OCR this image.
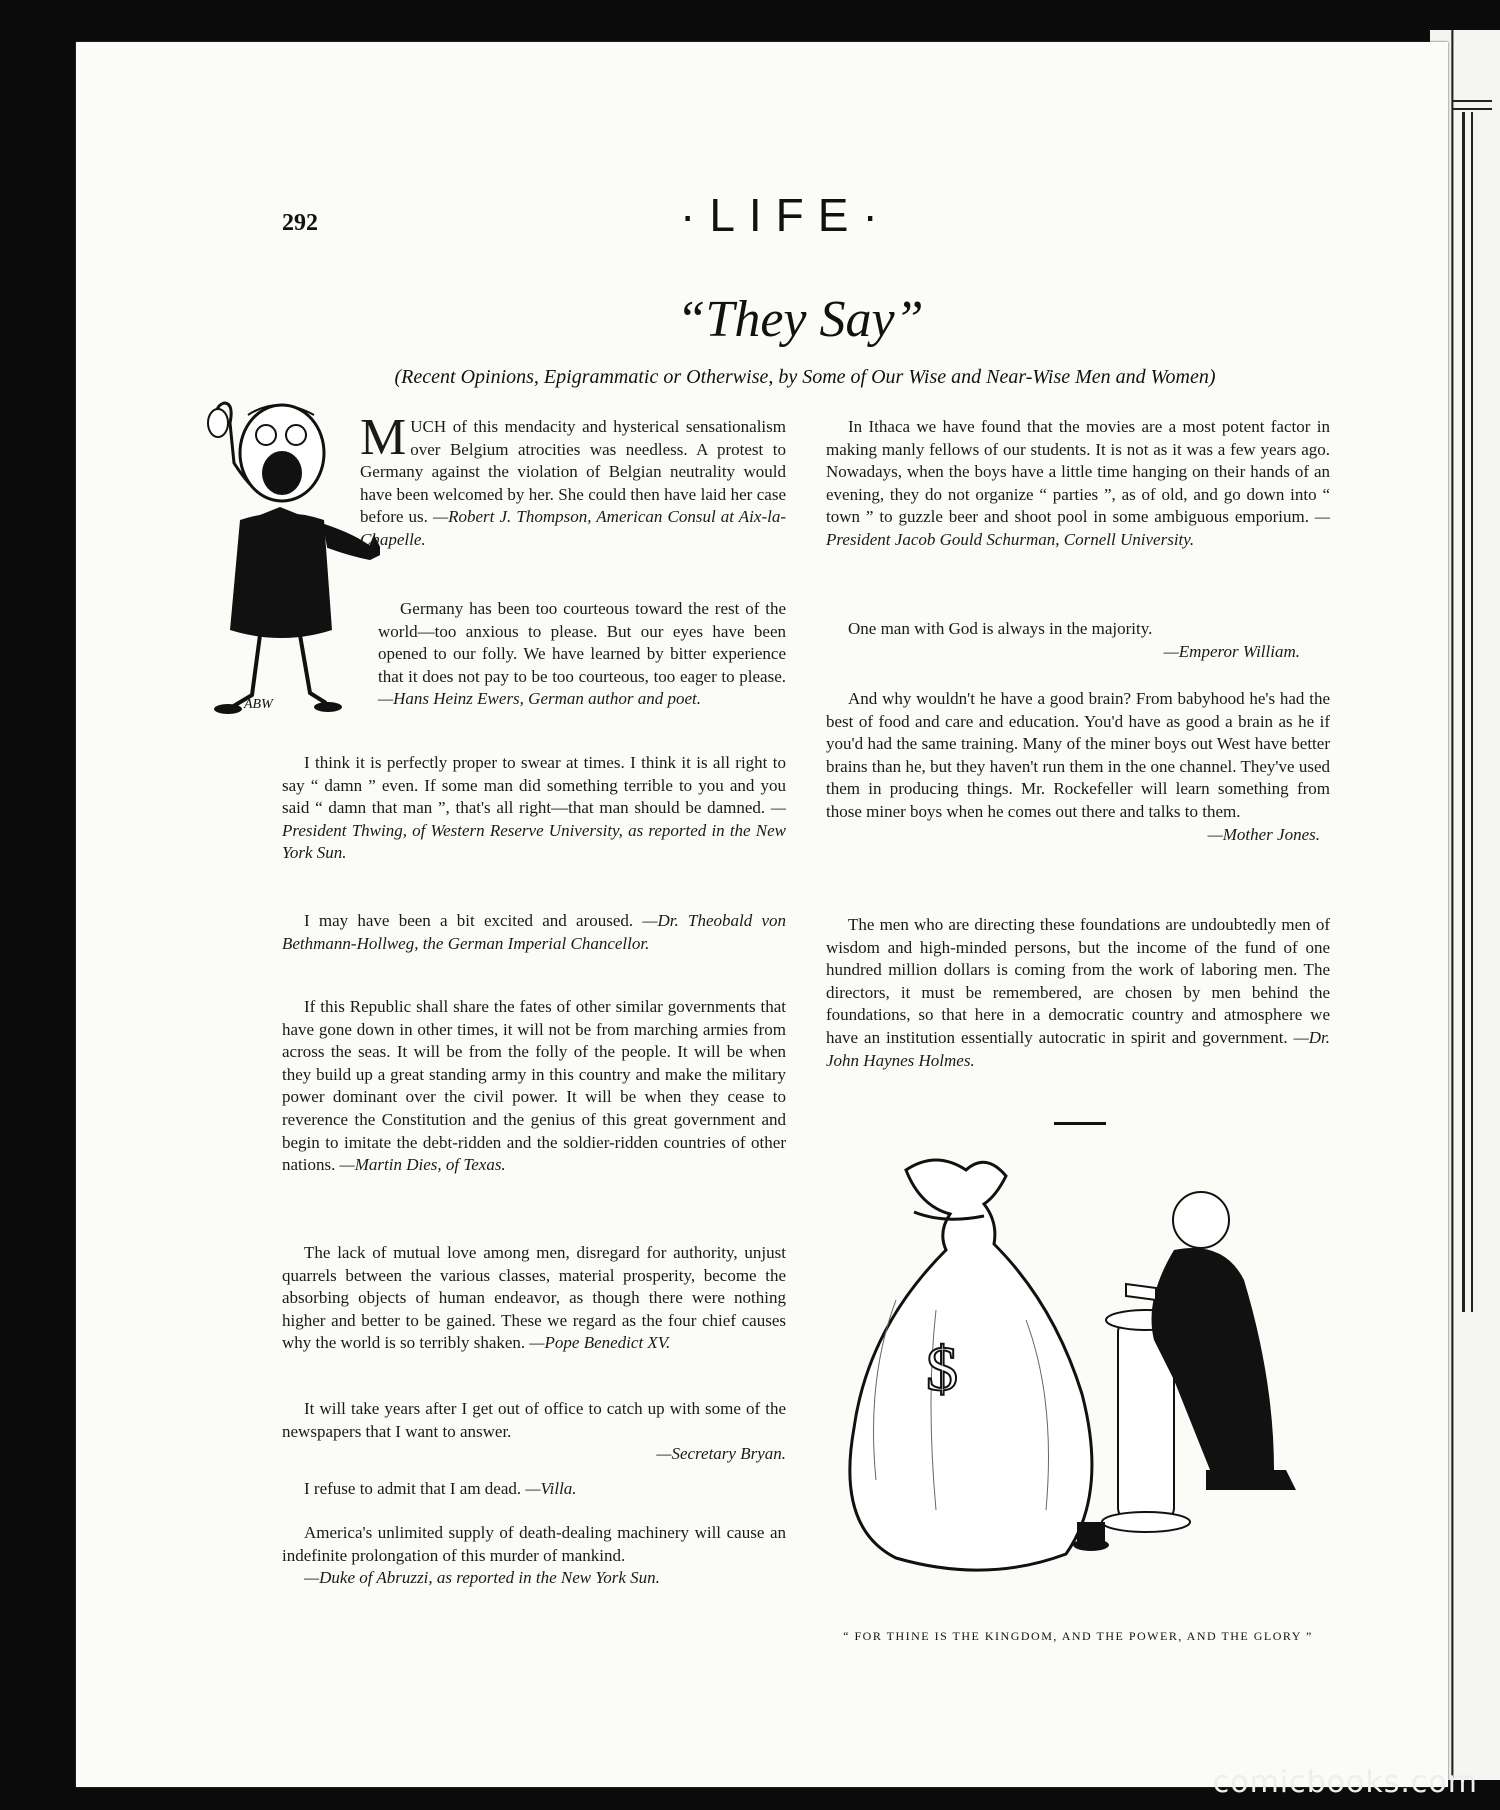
292	·LIFE·
“They Say”
(Recent Opinions, Epigrammatic or Otherwise, by Some of Our Wise and Near-Wise Men and Women)
ABW

MUCH of this mendacity and hysterical sensationalism over Belgium atrocities was needless. A protest to Germany against the violation of Belgian neutrality would have been welcomed by her. She could then have laid her case before us. —Robert J. Thompson, American Consul at Aix-la-Chapelle.

Germany has been too courteous toward the rest of the world—too anxious to please. But our eyes have been opened to our folly. We have learned by bitter experience that it does not pay to be too courteous, too eager to please. —Hans Heinz Ewers, German author and poet.

I think it is perfectly proper to swear at times. I think it is all right to say “ damn ” even. If some man did something terrible to you and you said “ damn that man ”, that's all right—that man should be damned. —President Thwing, of Western Reserve University, as reported in the New York Sun.

I may have been a bit excited and aroused. —Dr. Theobald von Bethmann-Hollweg, the German Imperial Chancellor.

If this Republic shall share the fates of other similar governments that have gone down in other times, it will not be from marching armies from across the seas. It will be from the folly of the people. It will be when they build up a great standing army in this country and make the military power dominant over the civil power. It will be when they cease to reverence the Constitution and the genius of this great government and begin to imitate the debt-ridden and the soldier-ridden countries of other nations. —Martin Dies, of Texas.

The lack of mutual love among men, disregard for authority, unjust quarrels between the various classes, material prosperity, become the absorbing objects of human endeavor, as though there were nothing higher and better to be gained. These we regard as the four chief causes why the world is so terribly shaken. —Pope Benedict XV.

It will take years after I get out of office to catch up with some of the newspapers that I want to answer.

—Secretary Bryan.

I refuse to admit that I am dead. —Villa.

America's unlimited supply of death-dealing machinery will cause an indefinite prolongation of this murder of mankind.

—Duke of Abruzzi, as reported in the New York Sun.

In Ithaca we have found that the movies are a most potent factor in making manly fellows of our students. It is not as it was a few years ago. Nowadays, when the boys have a little time hanging on their hands of an evening, they do not organize “ parties ”, as of old, and go down into “ town ” to guzzle beer and shoot pool in some ambiguous emporium. —President Jacob Gould Schurman, Cornell University.

One man with God is always in the majority.

—Emperor William.

And why wouldn't he have a good brain? From babyhood he's had the best of food and care and education. You'd have as good a brain as he if you'd had the same training. Many of the miner boys out West have better brains than he, but they haven't run them in the one channel. They've used them in producing things. Mr. Rockefeller will learn something from those miner boys when he comes out there and talks to them.

—Mother Jones.

The men who are directing these foundations are undoubtedly men of wisdom and high-minded persons, but the income of the fund of one hundred million dollars is coming from the work of laboring men. The directors, it must be remembered, are chosen by men behind the foundations, so that here in a democratic country and atmosphere we have an institution essentially autocratic in spirit and government. —Dr. John Haynes Holmes.

$
“ FOR THINE IS THE KINGDOM, AND THE POWER, AND THE GLORY ”
comicbooks.com
